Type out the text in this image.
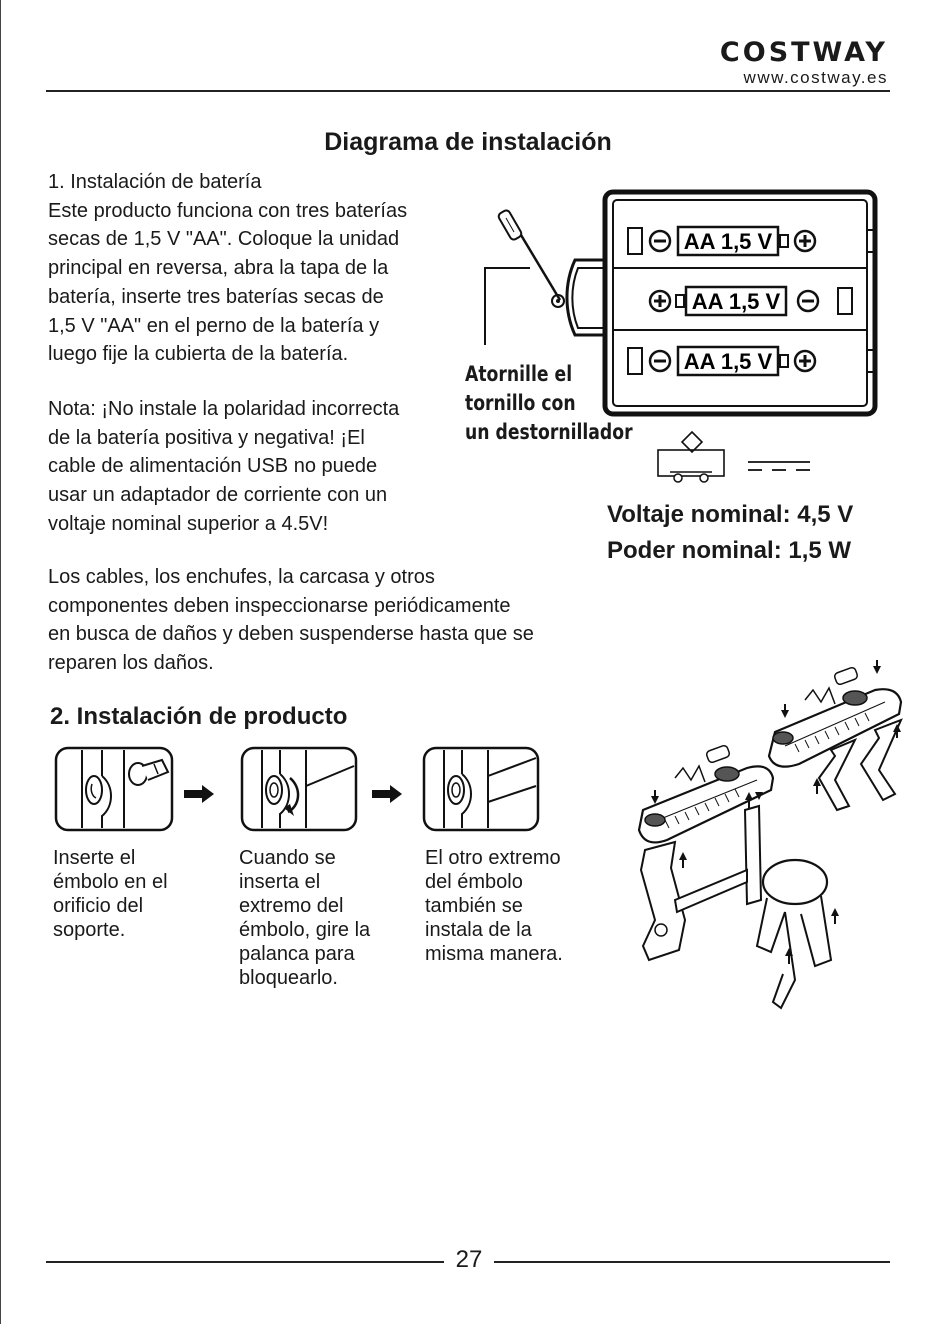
COSTWAY
www.costway.es
Diagrama de instalación
1. Instalación de batería
Este producto funciona con tres baterías
secas de 1,5 V "AA". Coloque la unidad
principal en reversa, abra la tapa de la
batería, inserte tres baterías secas de
1,5 V "AA" en el perno de la batería y
luego fije la cubierta de la batería.
Nota: ¡No instale la polaridad incorrecta
de la batería positiva y negativa! ¡El
cable de alimentación USB no puede
usar un adaptador de corriente con un
voltaje nominal superior a 4.5V!
Los cables, los enchufes, la carcasa y otros
componentes deben inspeccionarse periódicamente
en busca de daños y deben suspenderse hasta que se
reparen los daños.
AA 1,5 V
AA 1,5 V
AA 1,5 V
Atornille el
tornillo con
un destornillador
Voltaje nominal: 4,5 V
Poder nominal: 1,5 W
2. Instalación de producto
Inserte el
émbolo en el
orificio del
soporte.
Cuando se
inserta el
extremo del
émbolo, gire la
palanca para
bloquearlo.
El otro extremo
del émbolo
también se
instala de la
misma manera.
27
